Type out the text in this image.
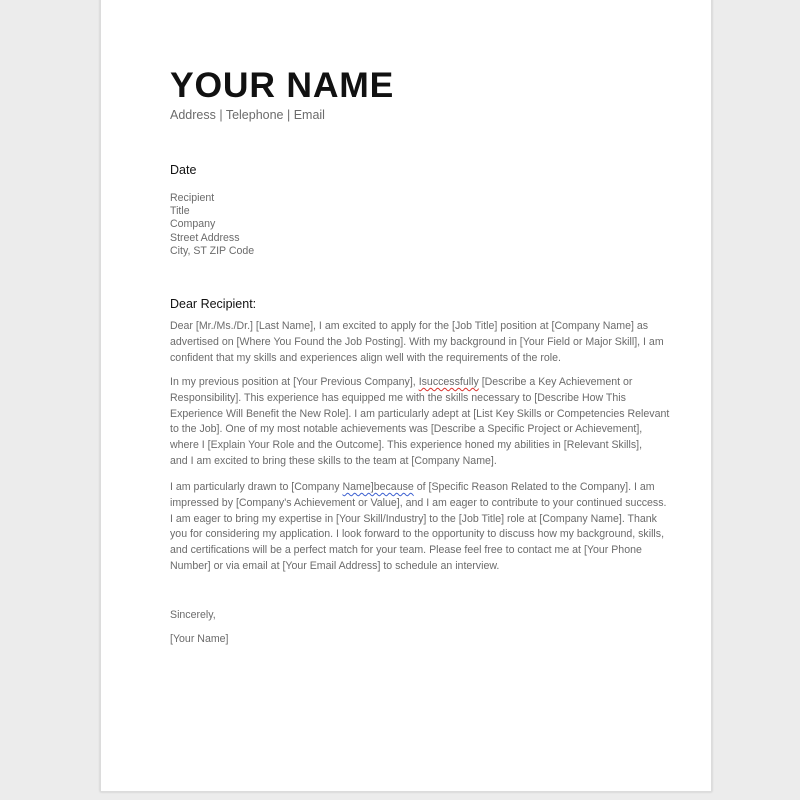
YOUR NAME
Address | Telephone | Email
Date
Recipient
Title
Company
Street Address
City, ST ZIP Code
Dear Recipient:
Dear [Mr./Ms./Dr.] [Last Name], I am excited to apply for the [Job Title] position at [Company Name] as
advertised on [Where You Found the Job Posting]. With my background in [Your Field or Major Skill], I am
confident that my skills and experiences align well with the requirements of the role.
In my previous position at [Your Previous Company], Isuccessfully [Describe a Key Achievement or
Responsibility]. This experience has equipped me with the skills necessary to [Describe How This
Experience Will Benefit the New Role]. I am particularly adept at [List Key Skills or Competencies Relevant
to the Job]. One of my most notable achievements was [Describe a Specific Project or Achievement],
where I [Explain Your Role and the Outcome]. This experience honed my abilities in [Relevant Skills],
and I am excited to bring these skills to the team at [Company Name].
I am particularly drawn to [Company Name]because of [Specific Reason Related to the Company]. I am
impressed by [Company's Achievement or Value], and I am eager to contribute to your continued success.
I am eager to bring my expertise in [Your Skill/Industry] to the [Job Title] role at [Company Name]. Thank
you for considering my application. I look forward to the opportunity to discuss how my background, skills,
and certifications will be a perfect match for your team. Please feel free to contact me at [Your Phone
Number] or via email at [Your Email Address] to schedule an interview.
Sincerely,
[Your Name]
